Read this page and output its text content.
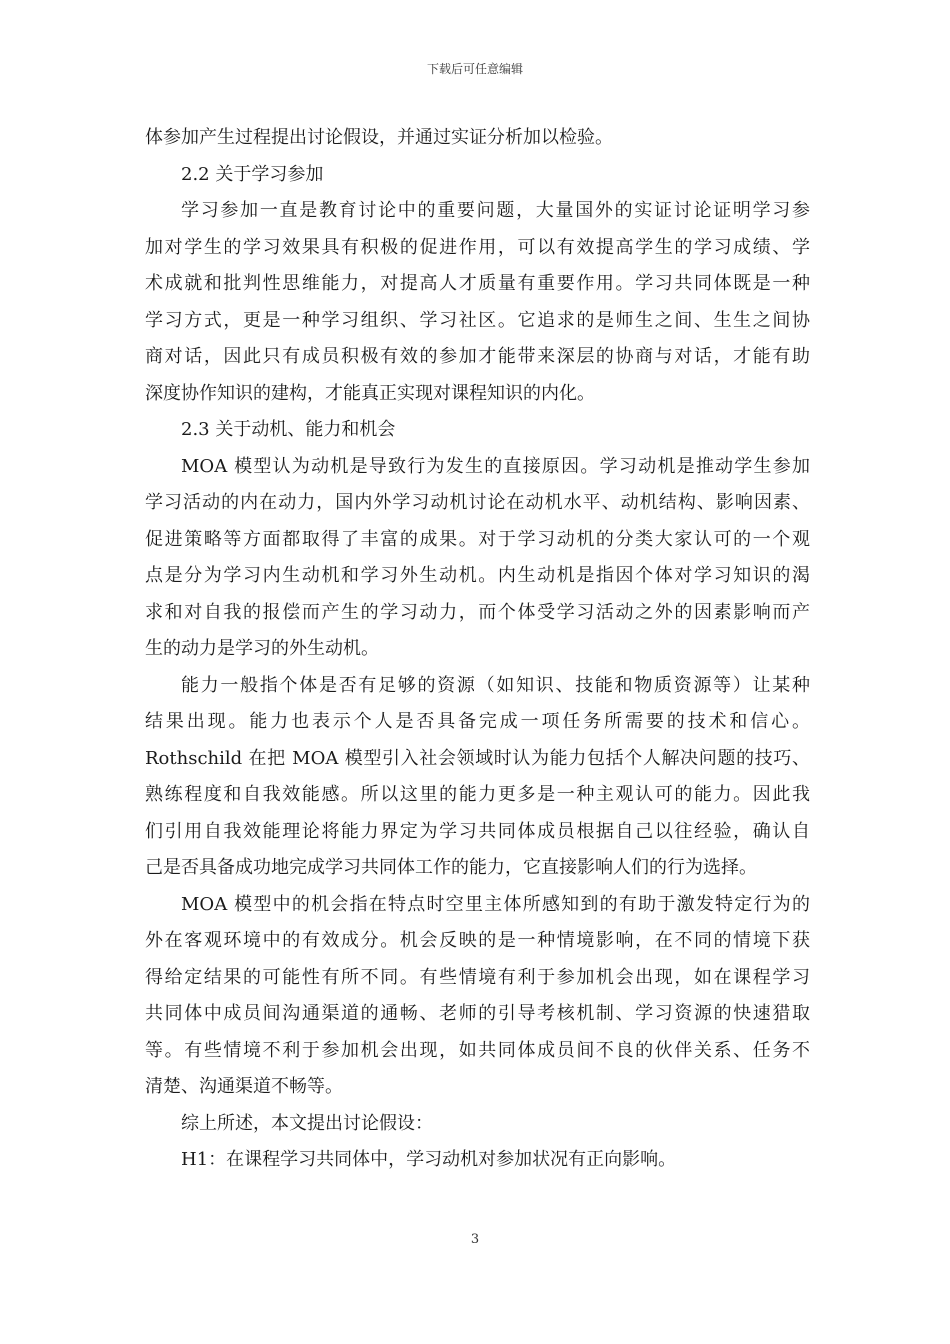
下载后可任意编辑
体参加产生过程提出讨论假设，并通过实证分析加以检验。
2.2 关于学习参加
学习参加一直是教育讨论中的重要问题，大量国外的实证讨论证明学习参
加对学生的学习效果具有积极的促进作用，可以有效提高学生的学习成绩、学
术成就和批判性思维能力，对提高人才质量有重要作用。学习共同体既是一种
学习方式，更是一种学习组织、学习社区。它追求的是师生之间、生生之间协
商对话，因此只有成员积极有效的参加才能带来深层的协商与对话，才能有助
深度协作知识的建构，才能真正实现对课程知识的内化。
2.3 关于动机、能力和机会
MOA 模型认为动机是导致行为发生的直接原因。学习动机是推动学生参加
学习活动的内在动力，国内外学习动机讨论在动机水平、动机结构、影响因素、
促进策略等方面都取得了丰富的成果。对于学习动机的分类大家认可的一个观
点是分为学习内生动机和学习外生动机。内生动机是指因个体对学习知识的渴
求和对自我的报偿而产生的学习动力，而个体受学习活动之外的因素影响而产
生的动力是学习的外生动机。
能力一般指个体是否有足够的资源（如知识、技能和物质资源等）让某种
结果出现。能力也表示个人是否具备完成一项任务所需要的技术和信心。
Rothschild 在把 MOA 模型引入社会领域时认为能力包括个人解决问题的技巧、
熟练程度和自我效能感。所以这里的能力更多是一种主观认可的能力。因此我
们引用自我效能理论将能力界定为学习共同体成员根据自己以往经验，确认自
己是否具备成功地完成学习共同体工作的能力，它直接影响人们的行为选择。
MOA 模型中的机会指在特点时空里主体所感知到的有助于激发特定行为的
外在客观环境中的有效成分。机会反映的是一种情境影响，在不同的情境下获
得给定结果的可能性有所不同。有些情境有利于参加机会出现，如在课程学习
共同体中成员间沟通渠道的通畅、老师的引导考核机制、学习资源的快速猎取
等。有些情境不利于参加机会出现，如共同体成员间不良的伙伴关系、任务不
清楚、沟通渠道不畅等。
综上所述，本文提出讨论假设：
H1：在课程学习共同体中，学习动机对参加状况有正向影响。
3
